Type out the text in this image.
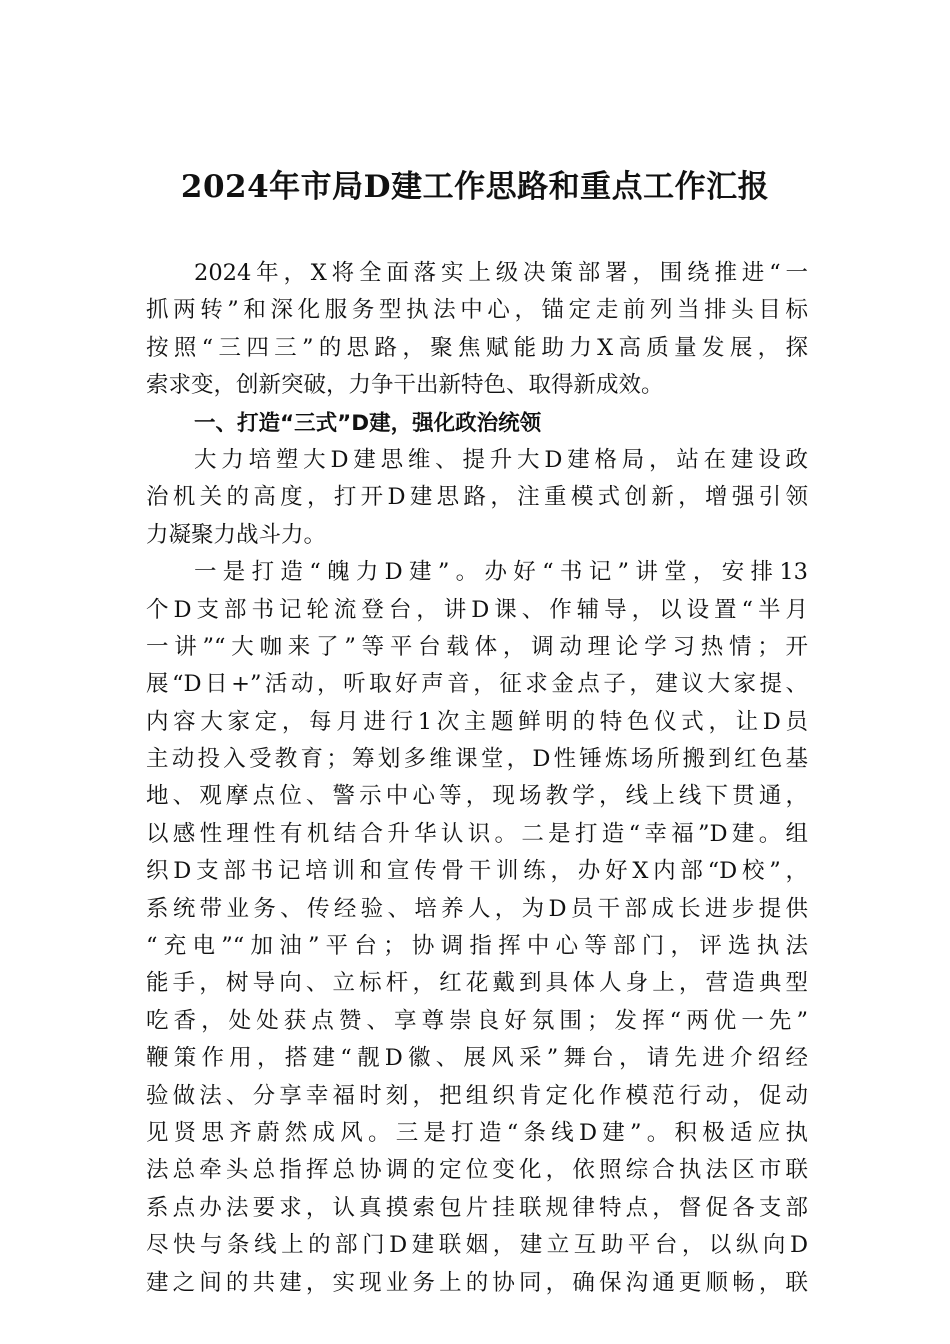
2024年市局D建工作思路和重点工作汇报
2024年，X将全面落实上级决策部署，围绕推进“一
抓两转”和深化服务型执法中心，锚定走前列当排头目标
按照“三四三”的思路，聚焦赋能助力X高质量发展，探
索求变，创新突破，力争干出新特色、取得新成效。
一、打造“三式”D建，强化政治统领
大力培塑大D建思维、提升大D建格局，站在建设政
治机关的高度，打开D建思路，注重模式创新，增强引领
力凝聚力战斗力。
一是打造“魄力D建”。办好“书记”讲堂，安排13
个D支部书记轮流登台，讲D课、作辅导，以设置“半月
一讲”“大咖来了”等平台载体，调动理论学习热情；开
展“D日+”活动，听取好声音，征求金点子，建议大家提、
内容大家定，每月进行1次主题鲜明的特色仪式，让D员
主动投入受教育；筹划多维课堂，D性锤炼场所搬到红色基
地、观摩点位、警示中心等，现场教学，线上线下贯通，
以感性理性有机结合升华认识。二是打造“幸福”D建。组
织D支部书记培训和宣传骨干训练，办好X内部“D校”，
系统带业务、传经验、培养人，为D员干部成长进步提供
“充电”“加油”平台；协调指挥中心等部门，评选执法
能手，树导向、立标杆，红花戴到具体人身上，营造典型
吃香，处处获点赞、享尊崇良好氛围；发挥“两优一先”
鞭策作用，搭建“靓D徽、展风采”舞台，请先进介绍经
验做法、分享幸福时刻，把组织肯定化作模范行动，促动
见贤思齐蔚然成风。三是打造“条线D建”。积极适应执
法总牵头总指挥总协调的定位变化，依照综合执法区市联
系点办法要求，认真摸索包片挂联规律特点，督促各支部
尽快与条线上的部门D建联姻，建立互助平台，以纵向D
建之间的共建，实现业务上的协同，确保沟通更顺畅，联
